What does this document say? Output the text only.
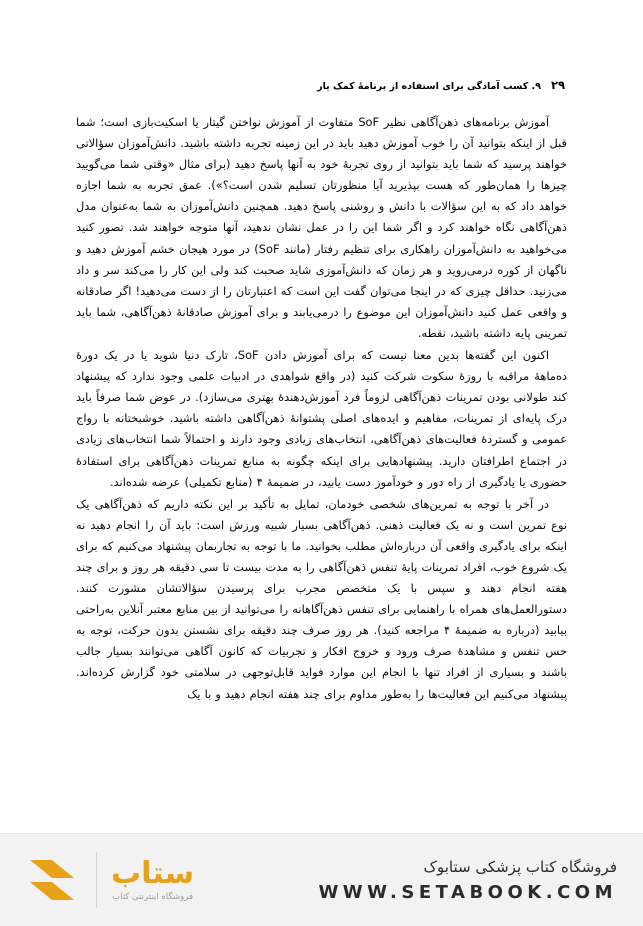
۲۹
۹. کسب آمادگی برای استفاده از برنامهٔ کمک یار

آموزش برنامه‌های ذهن‌آگاهی نظیر SoF متفاوت از آموزش نواختن گیتار یا اسکیت‌بازی است؛ شما قبل از اینکه بتوانید آن را خوب آموزش دهید باید در این زمینه تجربه داشته باشید. دانش‌آموزان سؤالاتی خواهند پرسید که شما باید بتوانید از روی تجربهٔ خود به آنها پاسخ دهید (برای مثال «وقتی شما می‌گویید چیزها را همان‌طور که هست بپذیرید آیا منظورتان تسلیم شدن است؟»). عمق تجربه به شما اجازه خواهد داد که به این سؤالات با دانش و روشنی پاسخ دهید. همچنین دانش‌آموزان به شما به‌عنوان مدل ذهن‌آگاهی نگاه خواهند کرد و اگر شما این را در عمل نشان ندهید، آنها متوجه خواهند شد. تصور کنید می‌خواهید به دانش‌آموزان راهکاری برای تنظیم رفتار (مانند SoF) در مورد هیجان خشم آموزش دهید و ناگهان از کوره درمی‌روید و هر زمان که دانش‌آموزی شاید صحبت کند ولی این کار را می‌کند سر و داد می‌زنید. حداقل چیزی که در اینجا می‌توان گفت این است که اعتبارتان را از دست می‌دهید! اگر صادقانه و واقعی عمل کنید دانش‌آموزان این موضوع را درمی‌یابند و برای آموزش صادقانهٔ ذهن‌آگاهی، شما باید تمرینی پایه داشته باشید، نقطه.

اکنون این گفته‌ها بدین معنا نیست که برای آموزش دادن SoF، تارک دنیا شوید یا در یک دورهٔ ده‌ماههٔ مراقبه با روزهٔ سکوت شرکت کنید (در واقع شواهدی در ادبیات علمی وجود ندارد که پیشنهاد کند طولانی بودن تمرینات ذهن‌آگاهی لزوماً فرد آموزش‌دهندهٔ بهتری می‌سازد). در عوض شما صرفاً باید درک پایه‌ای از تمرینات، مفاهیم و ایده‌های اصلی پشتوانهٔ ذهن‌آگاهی داشته باشید. خوشبختانه با رواج عمومی و گستردهٔ فعالیت‌های ذهن‌آگاهی، انتخاب‌های زیادی وجود دارند و احتمالاً شما انتخاب‌های زیادی در اجتماع اطرافتان دارید. پیشنهادهایی برای اینکه چگونه به منابع تمرینات ذهن‌آگاهی برای استفادهٔ حضوری یا یادگیری از راه دور و خودآموز دست یابید، در ضمیمهٔ ۴ (منابع تکمیلی) عرضه شده‌اند.

در آخر با توجه به تمرین‌های شخصی خودمان، تمایل به تأکید بر این نکته داریم که ذهن‌آگاهی یک نوع تمرین است و نه یک فعالیت ذهنی. ذهن‌آگاهی بسیار شبیه ورزش است: باید آن را انجام دهید نه اینکه برای یادگیری واقعی آن درباره‌اش مطلب بخوانید. ما با توجه به تجاربمان پیشنهاد می‌کنیم که برای یک شروع خوب، افراد تمرینات پایهٔ تنفس ذهن‌آگاهی را به مدت بیست تا سی دقیقه هر روز و برای چند هفته انجام دهند و سپس با یک متخصص مجرب برای پرسیدن سؤالاتشان مشورت کنند. دستورالعمل‌های همراه با راهنمایی برای تنفس ذهن‌آگاهانه را می‌توانید از بین منابع معتبر آنلاین به‌راحتی بیابید (درباره به ضمیمهٔ ۴ مراجعه کنید). هر روز صرف چند دقیقه برای نشستن بدون حرکت، توجه به حس تنفس و مشاهدهٔ صرف ورود و خروج افکار و تجربیات که کانون آگاهی می‌توانند بسیار جالب باشند و بسیاری از افراد تنها با انجام این موارد فواید قابل‌توجهی در سلامتی خود گزارش کرده‌اند. پیشنهاد می‌کنیم این فعالیت‌ها را به‌طور مداوم برای چند هفته انجام دهید و با یک

ستاب
فروشگاه اینترنتی کتاب
فروشگاه کتاب پزشکی ستابوک
WWW.SETABOOK.COM
